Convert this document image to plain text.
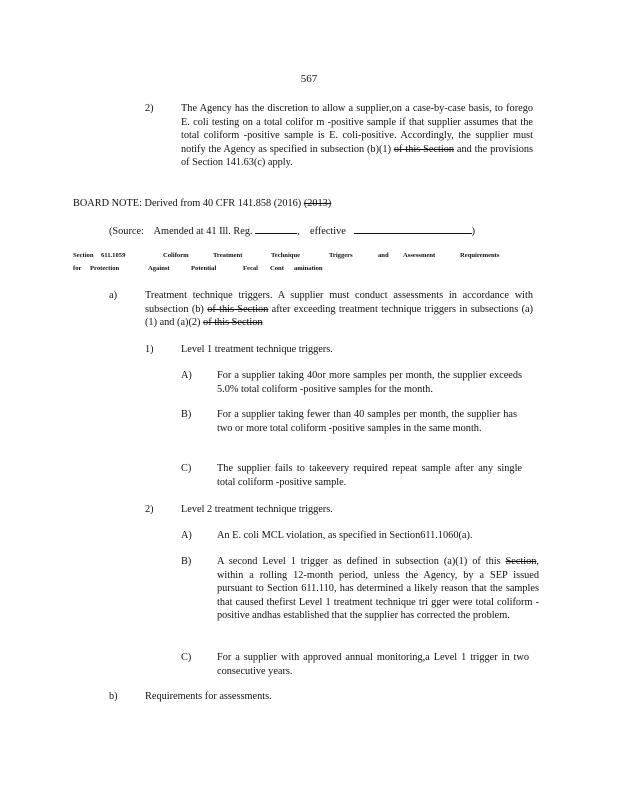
567
2)	The Agency has the discretion to allow a supplier,on a case-by-case basis, to forego E. coli testing on a total colifor m -positive sample if that supplier assumes that the total coliform -positive sample is E. coli-positive. Accordingly, the supplier must notify the Agency as specified in subsection (b)(1) of this Section and the provisions of Section 141.63(c) apply.
BOARD NOTE: Derived from 40 CFR 141.858 (2016) (2013)
(Source: Amended at 41 Ill. Reg.	, effective	)
Section 611.1059	Coliform	Treatment	Technique	Triggers	and Assessment	Requirements
for Protection	Against	Potential	Fecal Cont amination
a)	Treatment technique triggers. A supplier must conduct assessments in accordance with subsection (b) of this Section after exceeding treatment technique triggers in subsections (a)(1) and (a)(2) of this Section
1)	Level 1 treatment technique triggers.
A) For a supplier taking 40or more samples per month, the supplier exceeds 5.0% total coliform -positive samples for the month.
B) For a supplier taking fewer than 40 samples per month, the supplier has two or more total coliform -positive samples in the same month.
C) The supplier fails to takeevery required repeat sample after any single total coliform -positive sample.
2)	Level 2 treatment technique triggers.
A) An E. coli MCL violation, as specified in Section611.1060(a).
B) A second Level 1 trigger as defined in subsection (a)(1) of this Section, within a rolling 12-month period, unless the Agency, by a SEP issued pursuant to Section 611.110, has determined a likely reason that the samples that caused thefirst Level 1 treatment technique tri gger were total coliform -positive andhas established that the supplier has corrected the problem.
C) For a supplier with approved annual monitoring,a Level 1 trigger in two consecutive years.
b)	Requirements for assessments.
